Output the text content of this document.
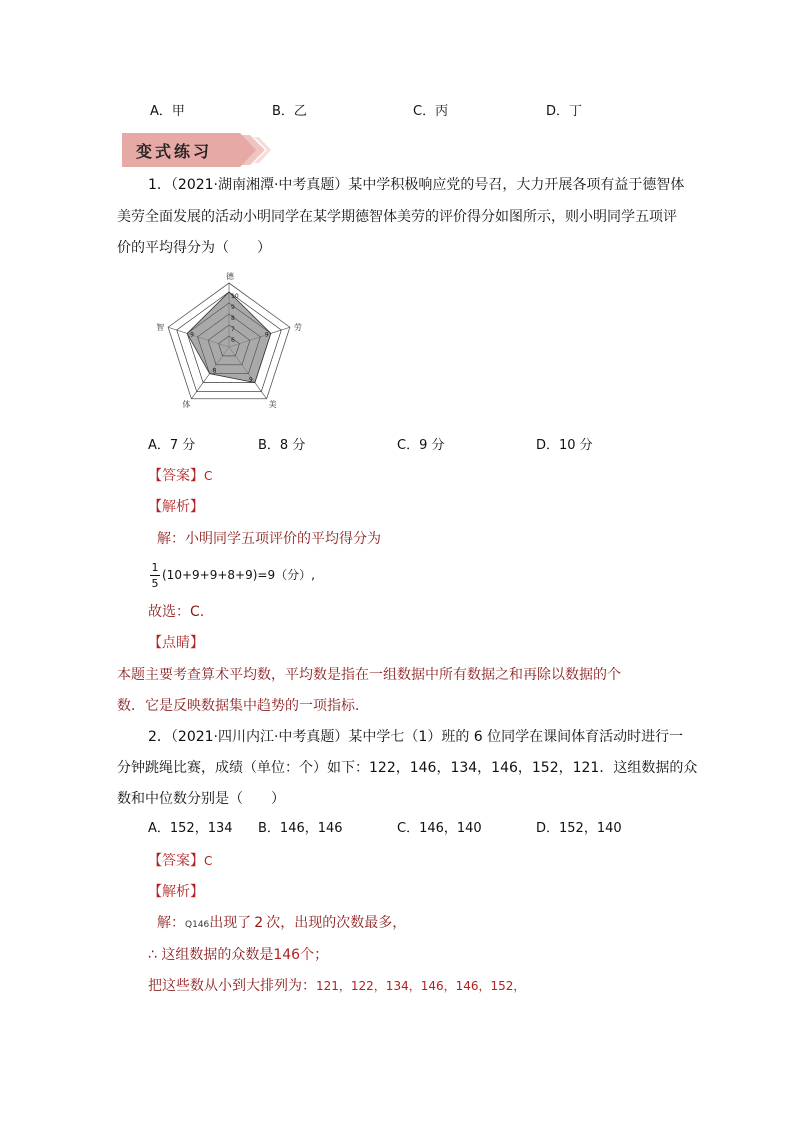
A．甲	B．乙	C．丙	D．丁
变式练习
1．（2021·湖南湘潭·中考真题）某中学积极响应党的号召，大力开展各项有益于德智体
美劳全面发展的活动小明同学在某学期德智体美劳的评价得分如图所示，则小明同学五项评
价的平均得分为（　　）
10
9
8
7
6
9
9
8
9
德
劳
美
体
智
A．7 分	B．8 分	C．9 分	D．10 分
【答案】C
【解析】
解：小明同学五项评价的平均得分为
1
5
(10+9+9+8+9)=9（分）,
故选：C.
【点睛】
本题主要考查算术平均数，平均数是指在一组数据中所有数据之和再除以数据的个
数．它是反映数据集中趋势的一项指标．
2．（2021·四川内江·中考真题）某中学七（1）班的 6 位同学在课间体育活动时进行一
分钟跳绳比赛，成绩（单位：个）如下：122，146，134，146，152，121．这组数据的众
数和中位数分别是（　　）
A．152，134 B．146，146	C．146，140	D．152，140
【答案】C
【解析】
解：Q146出现了 2 次，出现的次数最多，
∴ 这组数据的众数是146个；
把这些数从小到大排列为：121，122，134，146，146，152，
